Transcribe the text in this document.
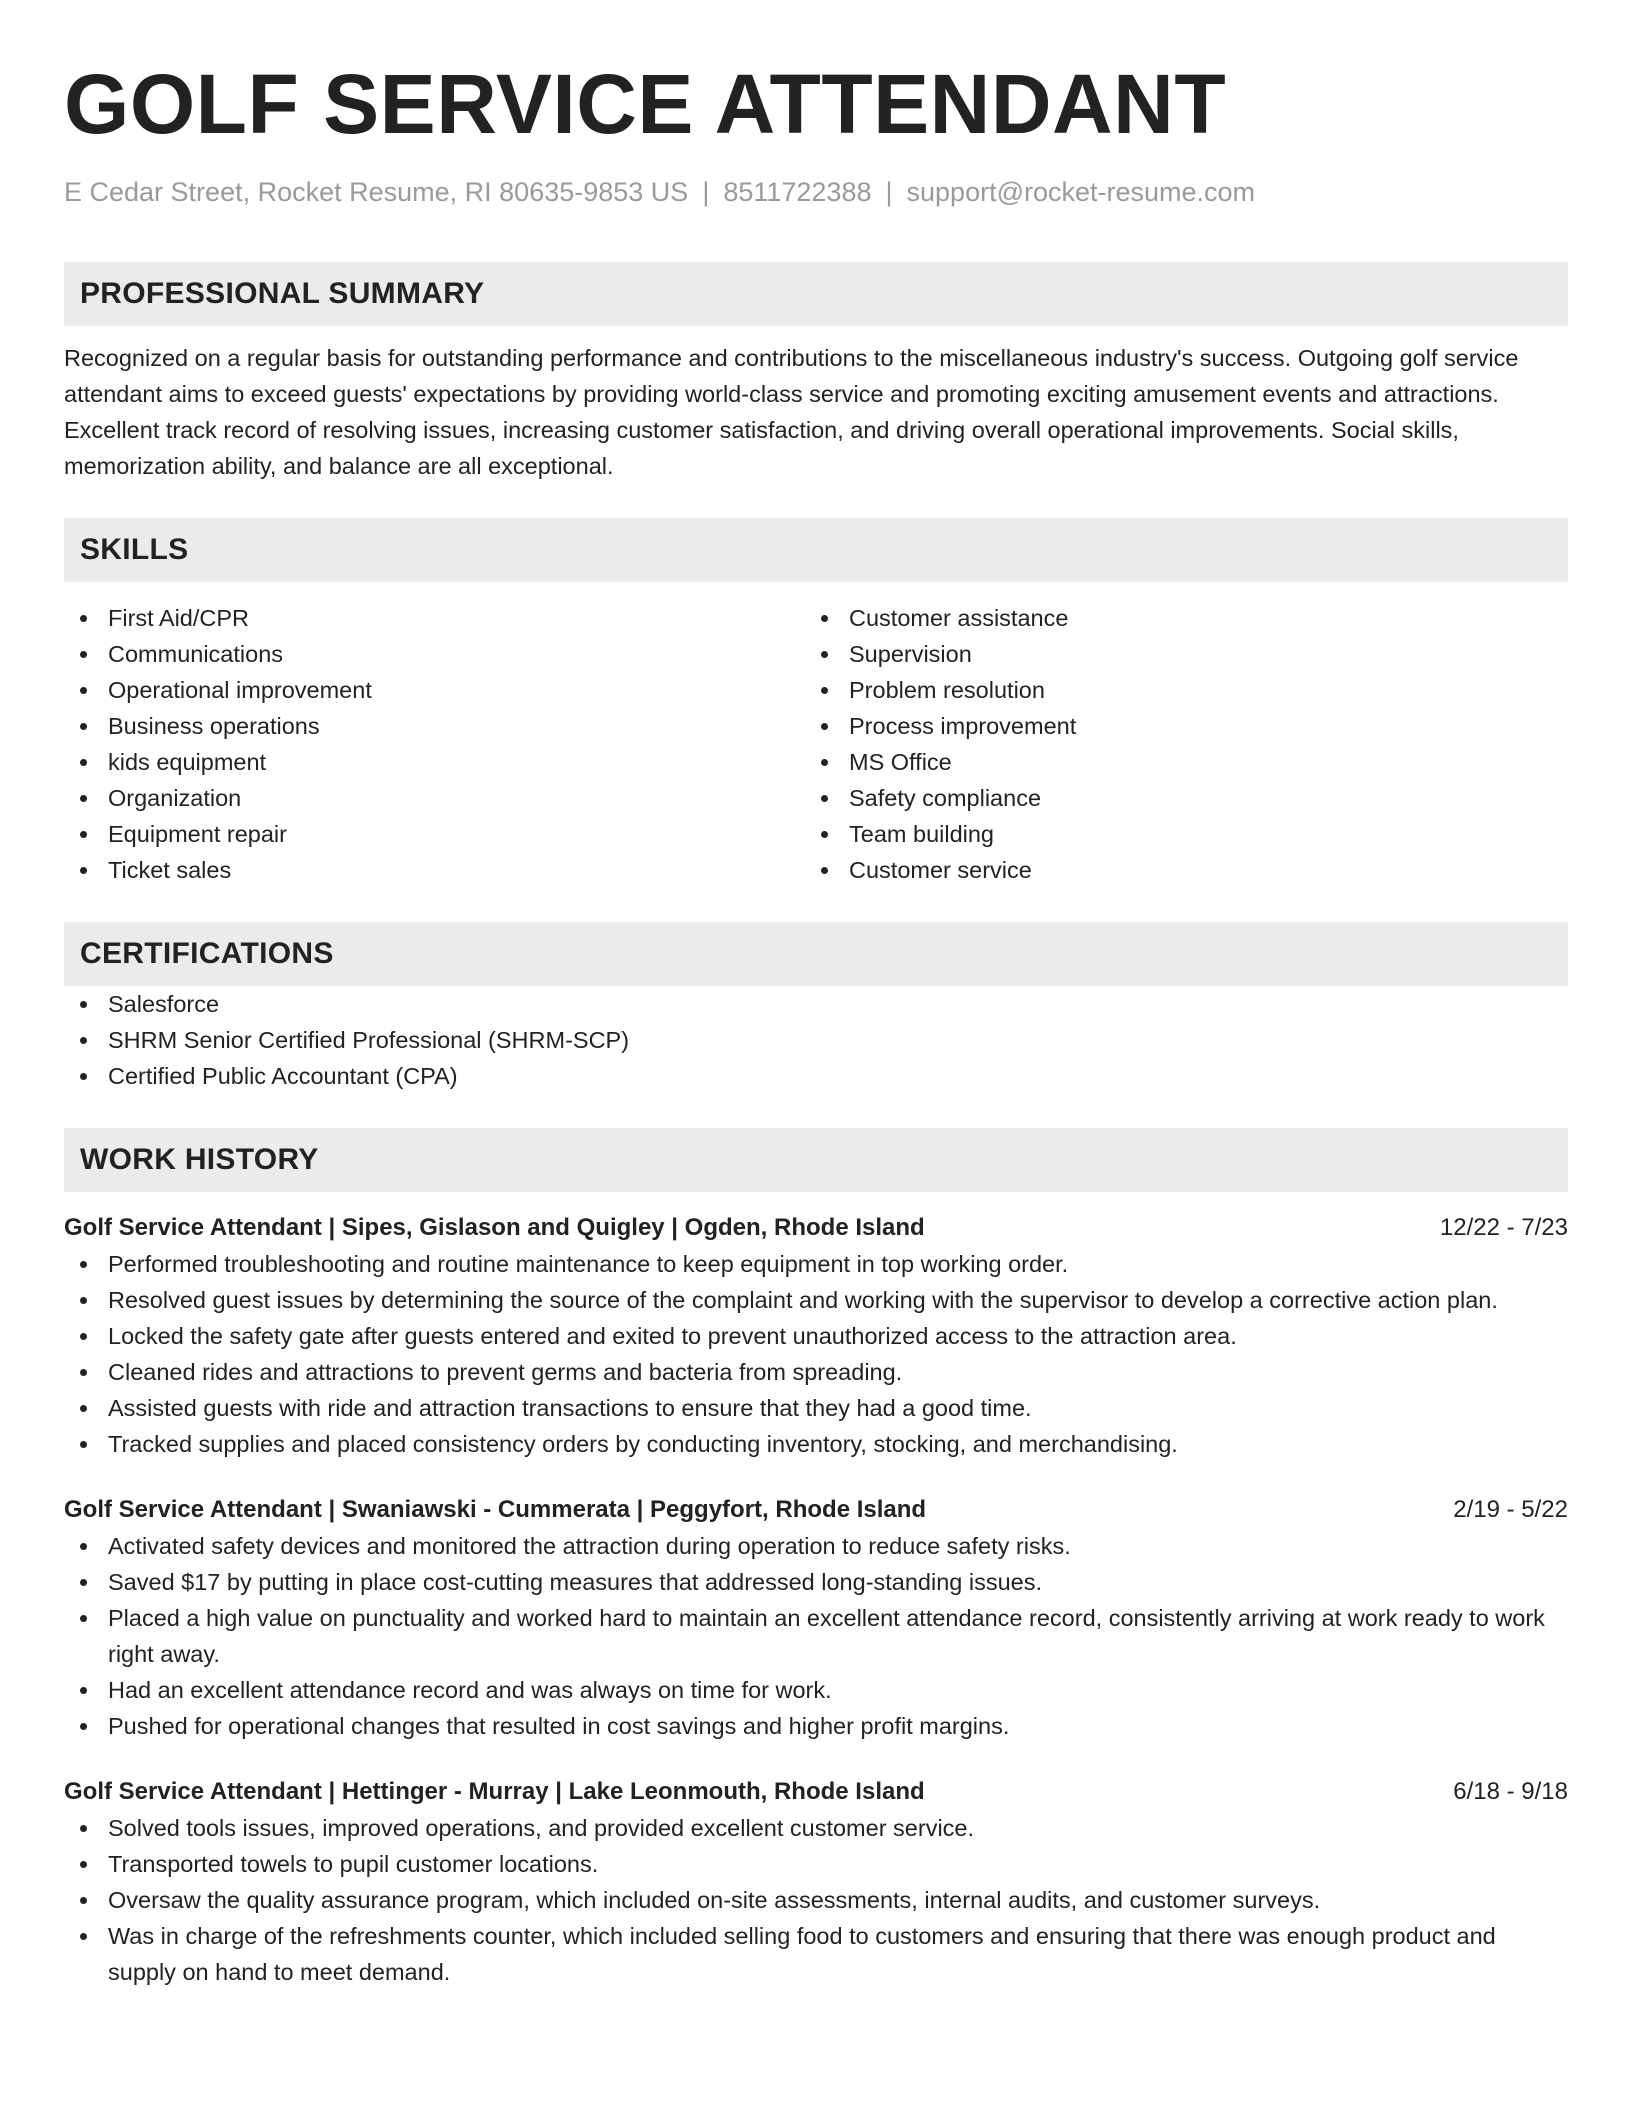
GOLF SERVICE ATTENDANT
E Cedar Street, Rocket Resume, RI 80635-9853 US | 8511722388 | support@rocket-resume.com
PROFESSIONAL SUMMARY
Recognized on a regular basis for outstanding performance and contributions to the miscellaneous industry's success. Outgoing golf service attendant aims to exceed guests' expectations by providing world-class service and promoting exciting amusement events and attractions. Excellent track record of resolving issues, increasing customer satisfaction, and driving overall operational improvements. Social skills, memorization ability, and balance are all exceptional.
SKILLS
First Aid/CPR
Communications
Operational improvement
Business operations
kids equipment
Organization
Equipment repair
Ticket sales
Customer assistance
Supervision
Problem resolution
Process improvement
MS Office
Safety compliance
Team building
Customer service
CERTIFICATIONS
Salesforce
SHRM Senior Certified Professional (SHRM-SCP)
Certified Public Accountant (CPA)
WORK HISTORY
Golf Service Attendant | Sipes, Gislason and Quigley | Ogden, Rhode Island	12/22 - 7/23
Performed troubleshooting and routine maintenance to keep equipment in top working order.
Resolved guest issues by determining the source of the complaint and working with the supervisor to develop a corrective action plan.
Locked the safety gate after guests entered and exited to prevent unauthorized access to the attraction area.
Cleaned rides and attractions to prevent germs and bacteria from spreading.
Assisted guests with ride and attraction transactions to ensure that they had a good time.
Tracked supplies and placed consistency orders by conducting inventory, stocking, and merchandising.
Golf Service Attendant | Swaniawski - Cummerata | Peggyfort, Rhode Island	2/19 - 5/22
Activated safety devices and monitored the attraction during operation to reduce safety risks.
Saved $17 by putting in place cost-cutting measures that addressed long-standing issues.
Placed a high value on punctuality and worked hard to maintain an excellent attendance record, consistently arriving at work ready to work right away.
Had an excellent attendance record and was always on time for work.
Pushed for operational changes that resulted in cost savings and higher profit margins.
Golf Service Attendant | Hettinger - Murray | Lake Leonmouth, Rhode Island	6/18 - 9/18
Solved tools issues, improved operations, and provided excellent customer service.
Transported towels to pupil customer locations.
Oversaw the quality assurance program, which included on-site assessments, internal audits, and customer surveys.
Was in charge of the refreshments counter, which included selling food to customers and ensuring that there was enough product and supply on hand to meet demand.
